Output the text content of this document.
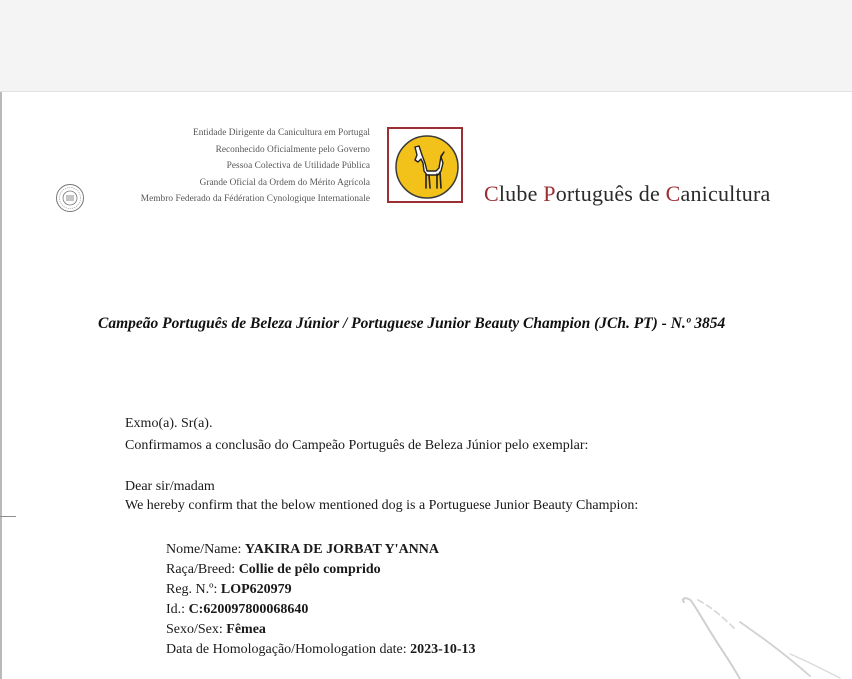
Entidade Dirigente da Canicultura em Portugal
Reconhecido Oficialmente pelo Governo
Pessoa Colectiva de Utilidade Pública
Grande Oficial da Ordem do Mérito Agrícola
Membro Federado da Fédération Cynologique Internationale	Clube Português de Canicultura
Campeão Português de Beleza Júnior / Portuguese Junior Beauty Champion (JCh. PT) - N.º 3854
Exmo(a). Sr(a).
Confirmamos a conclusão do Campeão Português de Beleza Júnior pelo exemplar:
Dear sir/madam
We hereby confirm that the below mentioned dog is a Portuguese Junior Beauty Champion:
Nome/Name: YAKIRA DE JORBAT Y'ANNA
Raça/Breed: Collie de pêlo comprido
Reg. N.º: LOP620979
Id.: C:620097800068640
Sexo/Sex: Fêmea
Data de Homologação/Homologation date: 2023-10-13
